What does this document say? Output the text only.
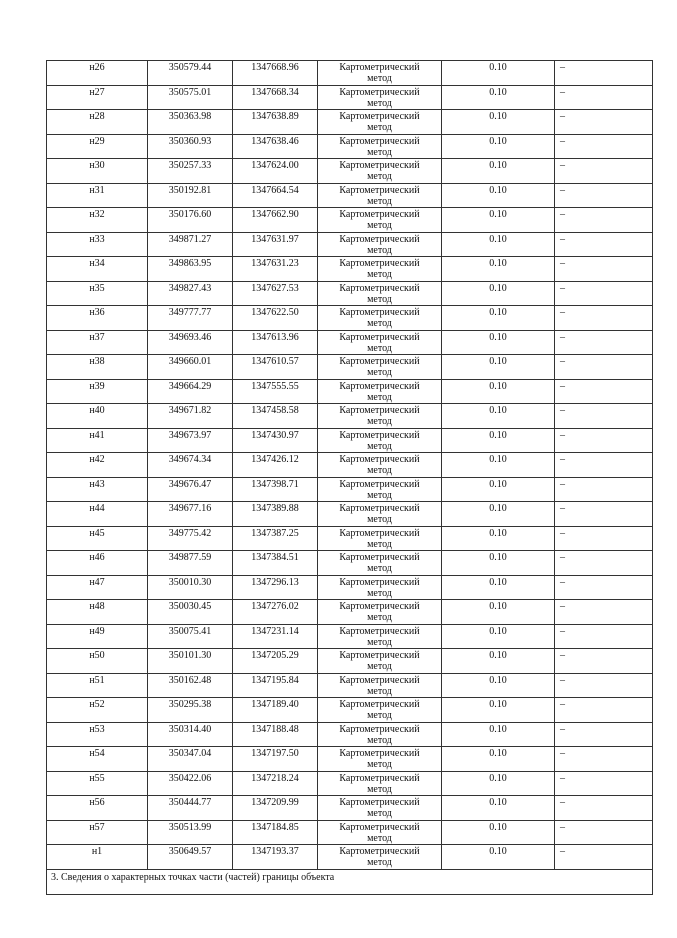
н26	350579.44	1347668.96	Картометрический
метод	0.10	–
н27	350575.01	1347668.34	Картометрический
метод	0.10	–
н28	350363.98	1347638.89	Картометрический
метод	0.10	–
н29	350360.93	1347638.46	Картометрический
метод	0.10	–
н30	350257.33	1347624.00	Картометрический
метод	0.10	–
н31	350192.81	1347664.54	Картометрический
метод	0.10	–
н32	350176.60	1347662.90	Картометрический
метод	0.10	–
н33	349871.27	1347631.97	Картометрический
метод	0.10	–
н34	349863.95	1347631.23	Картометрический
метод	0.10	–
н35	349827.43	1347627.53	Картометрический
метод	0.10	–
н36	349777.77	1347622.50	Картометрический
метод	0.10	–
н37	349693.46	1347613.96	Картометрический
метод	0.10	–
н38	349660.01	1347610.57	Картометрический
метод	0.10	–
н39	349664.29	1347555.55	Картометрический
метод	0.10	–
н40	349671.82	1347458.58	Картометрический
метод	0.10	–
н41	349673.97	1347430.97	Картометрический
метод	0.10	–
н42	349674.34	1347426.12	Картометрический
метод	0.10	–
н43	349676.47	1347398.71	Картометрический
метод	0.10	–
н44	349677.16	1347389.88	Картометрический
метод	0.10	–
н45	349775.42	1347387.25	Картометрический
метод	0.10	–
н46	349877.59	1347384.51	Картометрический
метод	0.10	–
н47	350010.30	1347296.13	Картометрический
метод	0.10	–
н48	350030.45	1347276.02	Картометрический
метод	0.10	–
н49	350075.41	1347231.14	Картометрический
метод	0.10	–
н50	350101.30	1347205.29	Картометрический
метод	0.10	–
н51	350162.48	1347195.84	Картометрический
метод	0.10	–
н52	350295.38	1347189.40	Картометрический
метод	0.10	–
н53	350314.40	1347188.48	Картометрический
метод	0.10	–
н54	350347.04	1347197.50	Картометрический
метод	0.10	–
н55	350422.06	1347218.24	Картометрический
метод	0.10	–
н56	350444.77	1347209.99	Картометрический
метод	0.10	–
н57	350513.99	1347184.85	Картометрический
метод	0.10	–
н1	350649.57	1347193.37	Картометрический
метод	0.10	–
3. Сведения о характерных точках части (частей) границы объекта					
